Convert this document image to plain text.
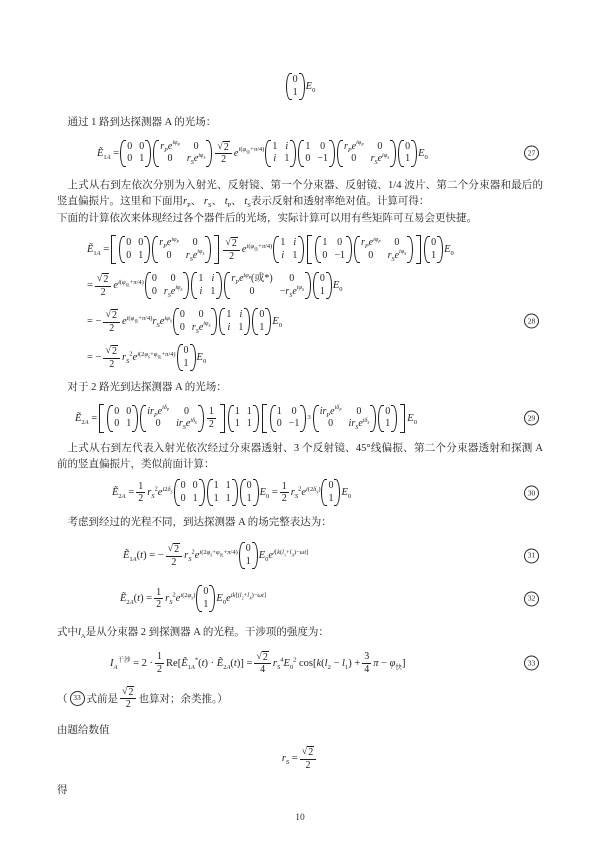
0
1 $E_0$
通过 1 路到达探测器 A 的光场：
Ẽ$_{1A}$ =
0 0
0 1
$r_Pe^{i\varphi_P}$ 0
0 $r_Se^{i\varphi_S} \frac{√ 2}{2} e^{i(\varphi_快+\pi/4)}$ 1 i
i 1
1 0
0 −1
$r_Pe^{i\varphi_P}$ 0
0 $r_Se^{i\varphi_S}$
0
1 $E_0$	27
上式从右到左依次分别为入射光、反射镜、第一个分束器、反射镜、1/4 波片、第二个分束器和最后的竖直偏振片。这里和下面用$r_P$、 $r_S$、 $t_P$、 $t_S$表示反射和透射率绝对值。计算可得：
下面的计算依次来体现经过各个器件后的光场，实际计算可以用有些矩阵可互易会更快捷。
Ẽ$_{1A}$ =
0 0
0 1
$r_Pe^{i\varphi_P}$ 0
0 $r_Se^{i\varphi_S} \frac{√ 2}{2} e^{i(\varphi_快+\pi/4)}$ 1 i
i 1
1 0
0 −1
$r_Pe^{i\varphi_P}$ 0
0 $r_Se^{i\varphi_S}$
0
1 $E_0$
= $\frac{√ 2}{2} e^{i(\varphi_快+\pi/4)}$ 0 0
0 $r_Se^{i\varphi_S}$
1 i
i 1
$r_Pe^{i\varphi_P}$(或*) 0
0	$-r_Se^{i\varphi_S}$
0
1 $E_0$
= − $\frac{√ 2}{2} e^{i(\varphi_快+\pi/4)}r_Se^{i\varphi_S}$
0 0
0 $r_Se^{i\varphi_S}$
1 i
i 1
0
1 $E_0$
= − $\frac{√ 2}{2} r_S^2e^{i(2\varphi_S+\varphi_快+\pi/4)}$ 0
1 $E_0$
28
对于 2 路光到达探测器 A 的光场：
Ẽ$_{2A}$ =
0 0
0 1
$ir_Pe^{i\delta_P}$ 0
0 $ir_Se^{i\delta_S} \frac{1}{2} 1$ 1
1 1
1 0
0 −1
3
$ir_Pe^{i\delta_P}$ 0
0 $ir_Se^{i\delta_S}$
0
1 $E_0$	29
上式从右到左代表入射光依次经过分束器透射、3 个反射镜、45°线偏振、第二个分束器透射和探测 A 前的竖直偏振片，类似前面计算：
Ẽ$_{2A}$ = $\frac{1}{2} r_S^2e^{i2\delta_S}$
0 0
0 1
1 1
1 1
0
1 $E_0 = \frac{1}{2} r_S^2e^{i(2\delta_S)}$ 0
1 $E_0$	30
考虑到经过的光程不同，到达探测器 A 的场完整表达为：
Ẽ$_{1A}$(t) = − $\frac{√ 2}{2} r_S^2e^{i(2\varphi_S+\varphi_快+\pi/4)}$ 0
1 $E_0e^{i[k(l_1+l_A)-\omega t]}$	31
Ẽ$_{2A}$(t) = $\frac{1}{2} r_S^2e^{i(2\varphi_S)}$ 0
1 $E_0e^{ik[(l_2+l_A)-\omega t]}$	32
式中$l_A$是从分束器 2 到探测器 A 的光程。干涉项的强度为：
$I_A^{干涉} = 2 \cdot \frac{1}{2}$ Re[Ẽ$_{1A}$*(t) · Ẽ$_{2A}$(t)] = $\frac{√ 2}{4} r_S^4E_0^2$ $\cos[k(l_2 - l_1) + \frac{3}{4}$ $\pi - \varphi_快$]	33
（ 33 式前是 $\frac{√ 2}{2}$ 也算对；余类推。）
由题给数值
$r_S = \frac{√ 2}{2}$
得
10
